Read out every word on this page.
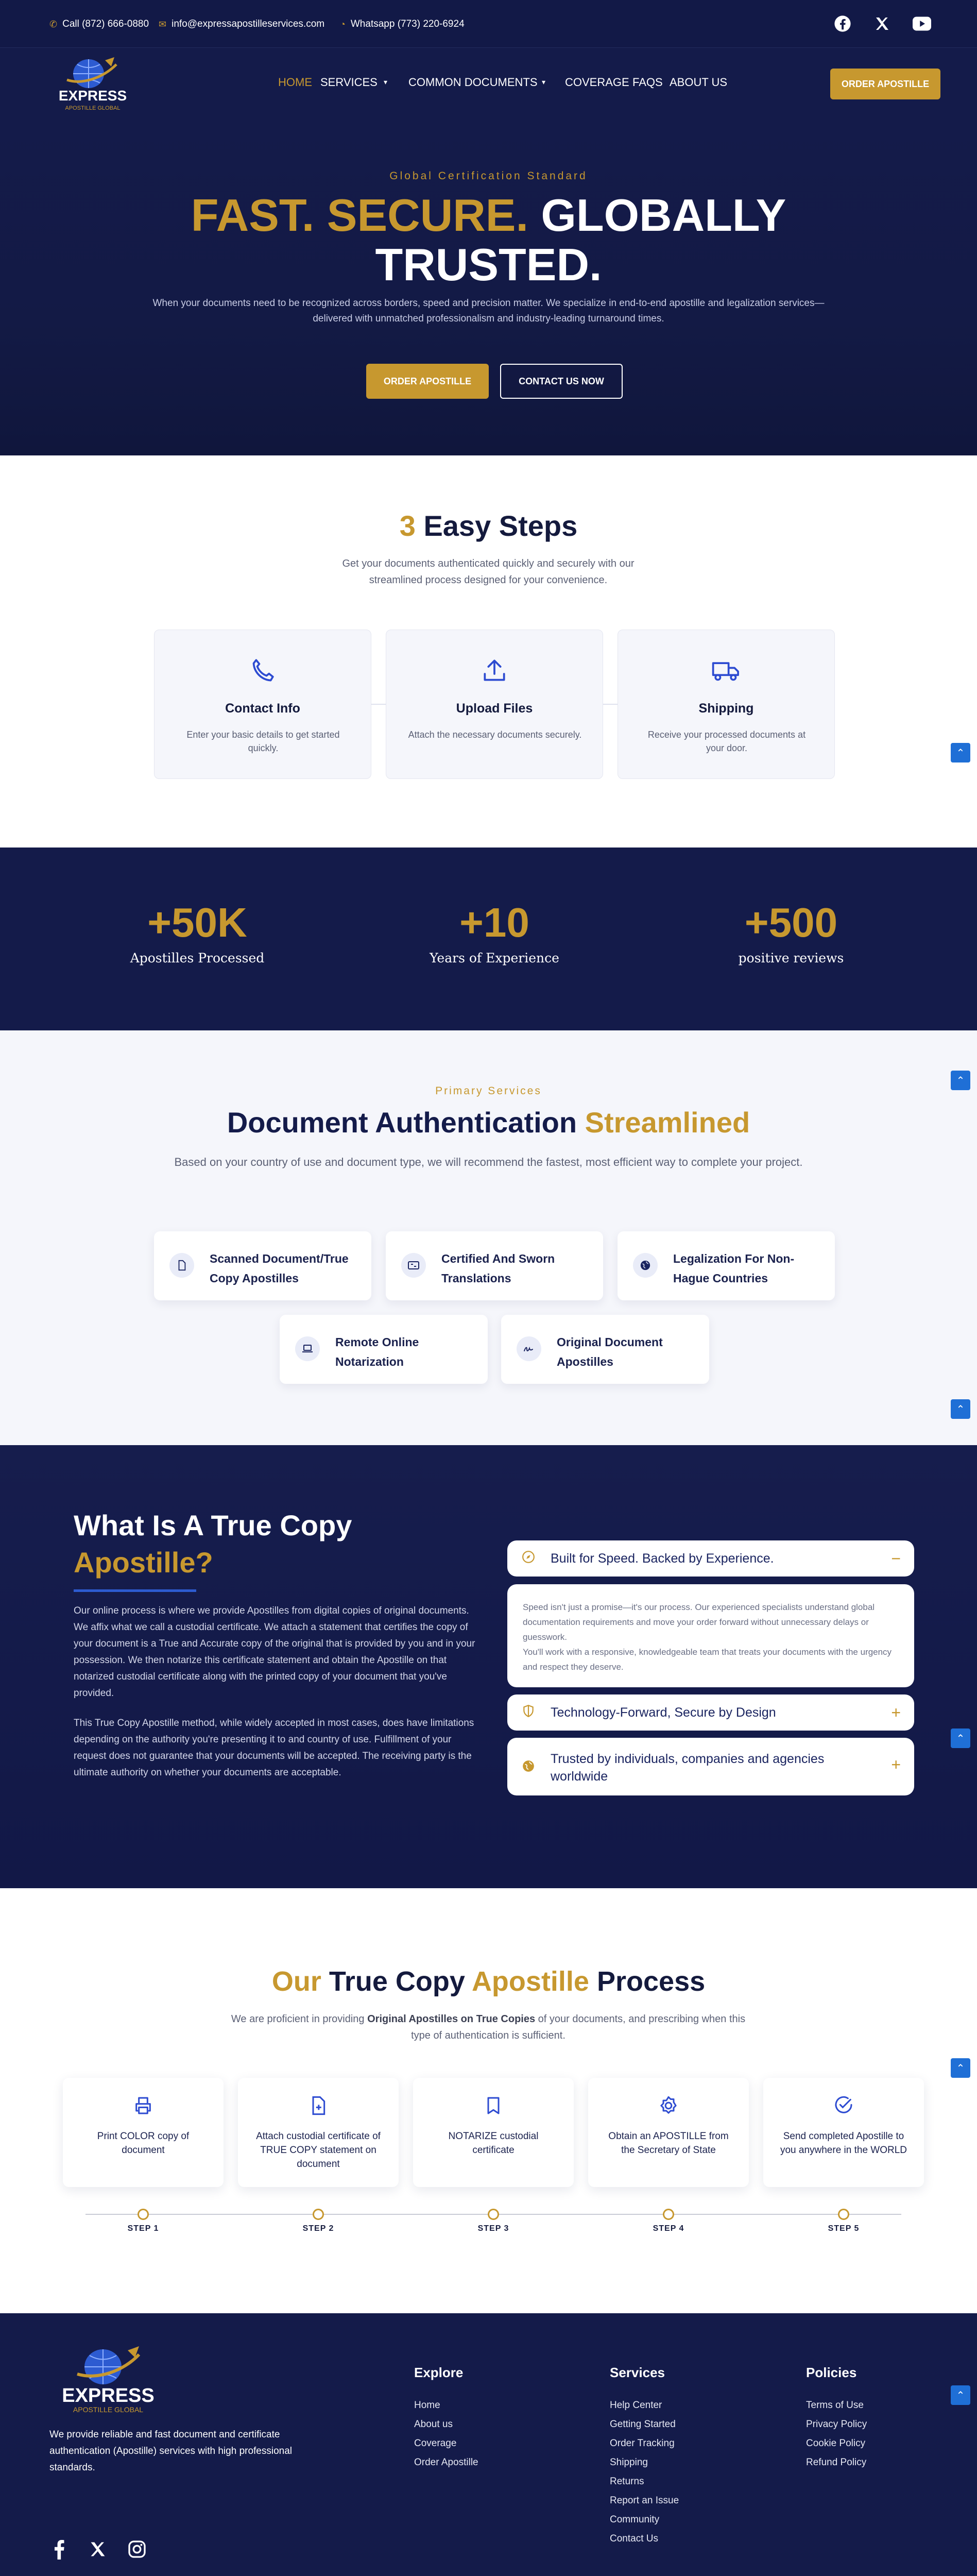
✆ Call (872) 666-0880 ✉ info@expressapostilleservices.com ◔ Whatsapp (773) 220-6924
EXPRESS
APOSTILLE GLOBAL
HOME SERVICES ▾ COMMON DOCUMENTS ▾ COVERAGE FAQS ABOUT US	ORDER APOSTILLE
Global Certification Standard
FAST. SECURE. GLOBALLY
TRUSTED.
When your documents need to be recognized across borders, speed and precision matter. We specialize in end-to-end apostille and legalization services—delivered with unmatched professionalism and industry-leading turnaround times.
ORDER APOSTILLE	CONTACT US NOW
3 Easy Steps
Get your documents authenticated quickly and securely with our streamlined process designed for your convenience.
Contact Info
Enter your basic details to get started quickly.
Upload Files
Attach the necessary documents securely.
Shipping
Receive your processed documents at your door.	⌃
+50K
Apostilles Processed
+10
Years of Experience
+500
positive reviews
⌃
Primary Services
Document Authentication Streamlined
Based on your country of use and document type, we will recommend the fastest, most efficient way to complete your project.
Scanned Document/True Copy Apostilles
Certified And Sworn Translations
Legalization For Non-Hague Countries
Remote Online Notarization
Original Document Apostilles
⌃
What Is A True Copy
Apostille?
Our online process is where we provide Apostilles from digital copies of original documents. We affix what we call a custodial certificate. We attach a statement that certifies the copy of your document is a True and Accurate copy of the original that is provided by you and in your possession. We then notarize this certificate statement and obtain the Apostille on that notarized custodial certificate along with the printed copy of your document that you've provided.
This True Copy Apostille method, while widely accepted in most cases, does have limitations depending on the authority you're presenting it to and country of use. Fulfillment of your request does not guarantee that your documents will be accepted. The receiving party is the ultimate authority on whether your documents are acceptable.
Built for Speed. Backed by Experience.	−
Speed isn't just a promise—it's our process. Our experienced specialists understand global documentation requirements and move your order forward without unnecessary delays or guesswork.
You'll work with a responsive, knowledgeable team that treats your documents with the urgency and respect they deserve.
Technology-Forward, Secure by Design	+
Trusted by individuals, companies and agencies worldwide
+
⌃
Our True Copy Apostille Process
We are proficient in providing Original Apostilles on True Copies of your documents, and prescribing when this type of authentication is sufficient.
⌃
Print COLOR copy of document
Attach custodial certificate of TRUE COPY statement on document
NOTARIZE custodial certificate
Obtain an APOSTILLE from the Secretary of State
Send completed Apostille to you anywhere in the WORLD
STEP 1	STEP 2	STEP 3	STEP 4	STEP 5
EXPRESS
APOSTILLE GLOBAL
We provide reliable and fast document and certificate authentication (Apostille) services with high professional standards.
Explore
Home
About us
Coverage
Order Apostille
Services
Help Center
Getting Started
Order Tracking
Shipping
Returns
Report an Issue
Community
Contact Us
Policies
Terms of Use
Privacy Policy
Cookie Policy
Refund Policy
⌃
